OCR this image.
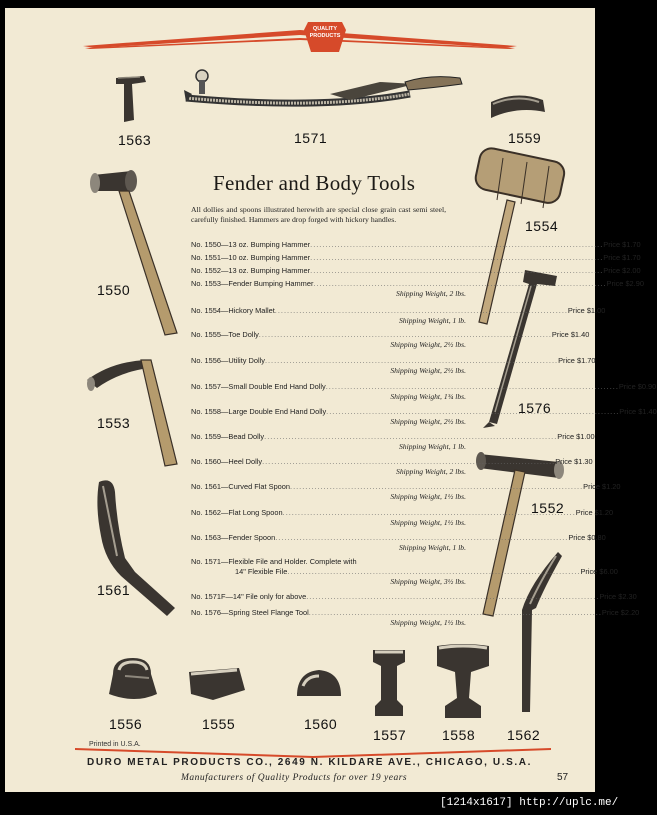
QUALITY
PRODUCTS
1563	1571	1559
1554
1550
1576
1553
1552
1561
1562
1556	1555	1560
1557	1558
Fender and Body Tools
All dollies and spoons illustrated herewith are special close grain cast semi steel, carefully finished. Hammers are drop forged with hickory handles.
No. 1550—13 oz. Bumping Hammer .....	Price $1.70
No. 1551—10 oz. Bumping Hammer .....	Price $1.70
No. 1552—13 oz. Bumping Hammer .....	Price $2.00
No. 1553—Fender Bumping Hammer .....	Price $2.90
Shipping Weight, 2 lbs.
No. 1554—Hickory Mallet .....	Price $1.00
Shipping Weight, 1 lb.
No. 1555—Toe Dolly .....	Price $1.40
Shipping Weight, 2½ lbs.
No. 1556—Utility Dolly .....	Price $1.70
Shipping Weight, 2½ lbs.
No. 1557—Small Double End Hand Dolly .....	Price $0.90
Shipping Weight, 1¾ lbs.
No. 1558—Large Double End Hand Dolly .....	Price $1.40
Shipping Weight, 2½ lbs.
No. 1559—Bead Dolly .....	Price $1.00
Shipping Weight, 1 lb.
No. 1560—Heel Dolly .....	Price $1.30
Shipping Weight, 2 lbs.
No. 1561—Curved Flat Spoon .....	Price $1.20
Shipping Weight, 1½ lbs.
No. 1562—Flat Long Spoon .....	Price $1.20
Shipping Weight, 1½ lbs.
No. 1563—Fender Spoon .....	Price $0.80
Shipping Weight, 1 lb.
No. 1571—Flexible File and Holder. Complete with
14" Flexible File .....	Price $6.00
Shipping Weight, 3½ lbs.
No. 1571F—14" File only for above .....	Price $2.30
No. 1576—Spring Steel Flange Tool .....	Price $2.20
Shipping Weight, 1½ lbs.
Printed in U.S.A.
DURO METAL PRODUCTS CO., 2649 N. KILDARE AVE., CHICAGO, U.S.A.
Manufacturers of Quality Products for over 19 years	57
[1214x1617] http://uplc.me/
